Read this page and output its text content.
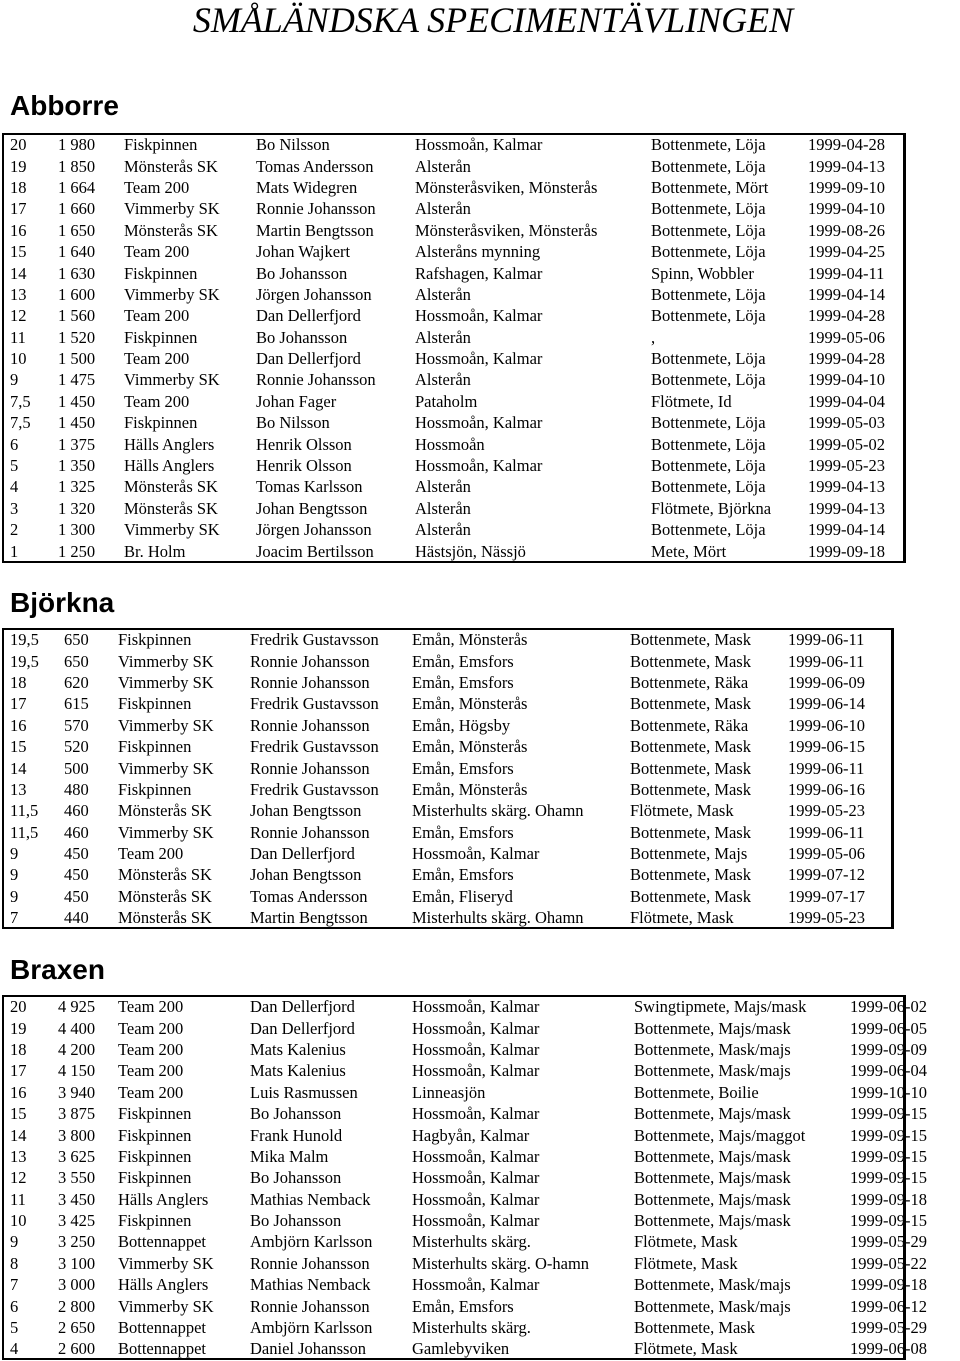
SMÅLÄNDSKA SPECIMENTÄVLINGEN
Abborre
Björkna
Braxen
20	1 980	Fiskpinnen	Bo Nilsson	Hossmoån, Kalmar	Bottenmete, Löja	1999-04-28
19	1 850	Mönsterås SK	Tomas Andersson	Alsterån	Bottenmete, Löja	1999-04-13
18	1 664	Team 200	Mats Widegren	Mönsteråsviken, Mönsterås	Bottenmete, Mört	1999-09-10
17	1 660	Vimmerby SK	Ronnie Johansson	Alsterån	Bottenmete, Löja	1999-04-10
16	1 650	Mönsterås SK	Martin Bengtsson	Mönsteråsviken, Mönsterås	Bottenmete, Löja	1999-08-26
15	1 640	Team 200	Johan Wajkert	Alsteråns mynning	Bottenmete, Löja	1999-04-25
14	1 630	Fiskpinnen	Bo Johansson	Rafshagen, Kalmar	Spinn, Wobbler	1999-04-11
13	1 600	Vimmerby SK	Jörgen Johansson	Alsterån	Bottenmete, Löja	1999-04-14
12	1 560	Team 200	Dan Dellerfjord	Hossmoån, Kalmar	Bottenmete, Löja	1999-04-28
11	1 520	Fiskpinnen	Bo Johansson	Alsterån	,	1999-05-06
10	1 500	Team 200	Dan Dellerfjord	Hossmoån, Kalmar	Bottenmete, Löja	1999-04-28
9	1 475	Vimmerby SK	Ronnie Johansson	Alsterån	Bottenmete, Löja	1999-04-10
7,5	1 450	Team 200	Johan Fager	Pataholm	Flötmete, Id	1999-04-04
7,5	1 450	Fiskpinnen	Bo Nilsson	Hossmoån, Kalmar	Bottenmete, Löja	1999-05-03
6	1 375	Hälls Anglers	Henrik Olsson	Hossmoån	Bottenmete, Löja	1999-05-02
5	1 350	Hälls Anglers	Henrik Olsson	Hossmoån, Kalmar	Bottenmete, Löja	1999-05-23
4	1 325	Mönsterås SK	Tomas Karlsson	Alsterån	Bottenmete, Löja	1999-04-13
3	1 320	Mönsterås SK	Johan Bengtsson	Alsterån	Flötmete, Björkna	1999-04-13
2	1 300	Vimmerby SK	Jörgen Johansson	Alsterån	Bottenmete, Löja	1999-04-14
1	1 250	Br. Holm	Joacim Bertilsson	Hästsjön, Nässjö	Mete, Mört	1999-09-18
19,5	650	Fiskpinnen	Fredrik Gustavsson	Emån, Mönsterås	Bottenmete, Mask	1999-06-11
19,5	650	Vimmerby SK	Ronnie Johansson	Emån, Emsfors	Bottenmete, Mask	1999-06-11
18	620	Vimmerby SK	Ronnie Johansson	Emån, Emsfors	Bottenmete, Räka	1999-06-09
17	615	Fiskpinnen	Fredrik Gustavsson	Emån, Mönsterås	Bottenmete, Mask	1999-06-14
16	570	Vimmerby SK	Ronnie Johansson	Emån, Högsby	Bottenmete, Räka	1999-06-10
15	520	Fiskpinnen	Fredrik Gustavsson	Emån, Mönsterås	Bottenmete, Mask	1999-06-15
14	500	Vimmerby SK	Ronnie Johansson	Emån, Emsfors	Bottenmete, Mask	1999-06-11
13	480	Fiskpinnen	Fredrik Gustavsson	Emån, Mönsterås	Bottenmete, Mask	1999-06-16
11,5	460	Mönsterås SK	Johan Bengtsson	Misterhults skärg. Ohamn	Flötmete, Mask	1999-05-23
11,5	460	Vimmerby SK	Ronnie Johansson	Emån, Emsfors	Bottenmete, Mask	1999-06-11
9	450	Team 200	Dan Dellerfjord	Hossmoån, Kalmar	Bottenmete, Majs	1999-05-06
9	450	Mönsterås SK	Johan Bengtsson	Emån, Emsfors	Bottenmete, Mask	1999-07-12
9	450	Mönsterås SK	Tomas Andersson	Emån, Fliseryd	Bottenmete, Mask	1999-07-17
7	440	Mönsterås SK	Martin Bengtsson	Misterhults skärg. Ohamn	Flötmete, Mask	1999-05-23
20	4 925	Team 200	Dan Dellerfjord	Hossmoån, Kalmar	Swingtipmete, Majs/mask	1999-06-02
19	4 400	Team 200	Dan Dellerfjord	Hossmoån, Kalmar	Bottenmete, Majs/mask	1999-06-05
18	4 200	Team 200	Mats Kalenius	Hossmoån, Kalmar	Bottenmete, Mask/majs	1999-09-09
17	4 150	Team 200	Mats Kalenius	Hossmoån, Kalmar	Bottenmete, Mask/majs	1999-06-04
16	3 940	Team 200	Luis Rasmussen	Linneasjön	Bottenmete, Boilie	1999-10-10
15	3 875	Fiskpinnen	Bo Johansson	Hossmoån, Kalmar	Bottenmete, Majs/mask	1999-09-15
14	3 800	Fiskpinnen	Frank Hunold	Hagbyån, Kalmar	Bottenmete, Majs/maggot	1999-09-15
13	3 625	Fiskpinnen	Mika Malm	Hossmoån, Kalmar	Bottenmete, Majs/mask	1999-09-15
12	3 550	Fiskpinnen	Bo Johansson	Hossmoån, Kalmar	Bottenmete, Majs/mask	1999-09-15
11	3 450	Hälls Anglers	Mathias Nemback	Hossmoån, Kalmar	Bottenmete, Majs/mask	1999-09-18
10	3 425	Fiskpinnen	Bo Johansson	Hossmoån, Kalmar	Bottenmete, Majs/mask	1999-09-15
9	3 250	Bottennappet	Ambjörn Karlsson	Misterhults skärg.	Flötmete, Mask	1999-05-29
8	3 100	Vimmerby SK	Ronnie Johansson	Misterhults skärg. O-hamn	Flötmete, Mask	1999-05-22
7	3 000	Hälls Anglers	Mathias Nemback	Hossmoån, Kalmar	Bottenmete, Mask/majs	1999-09-18
6	2 800	Vimmerby SK	Ronnie Johansson	Emån, Emsfors	Bottenmete, Mask/majs	1999-06-12
5	2 650	Bottennappet	Ambjörn Karlsson	Misterhults skärg.	Bottenmete, Mask	1999-05-29
4	2 600	Bottennappet	Daniel Johansson	Gamlebyviken	Flötmete, Mask	1999-06-08
